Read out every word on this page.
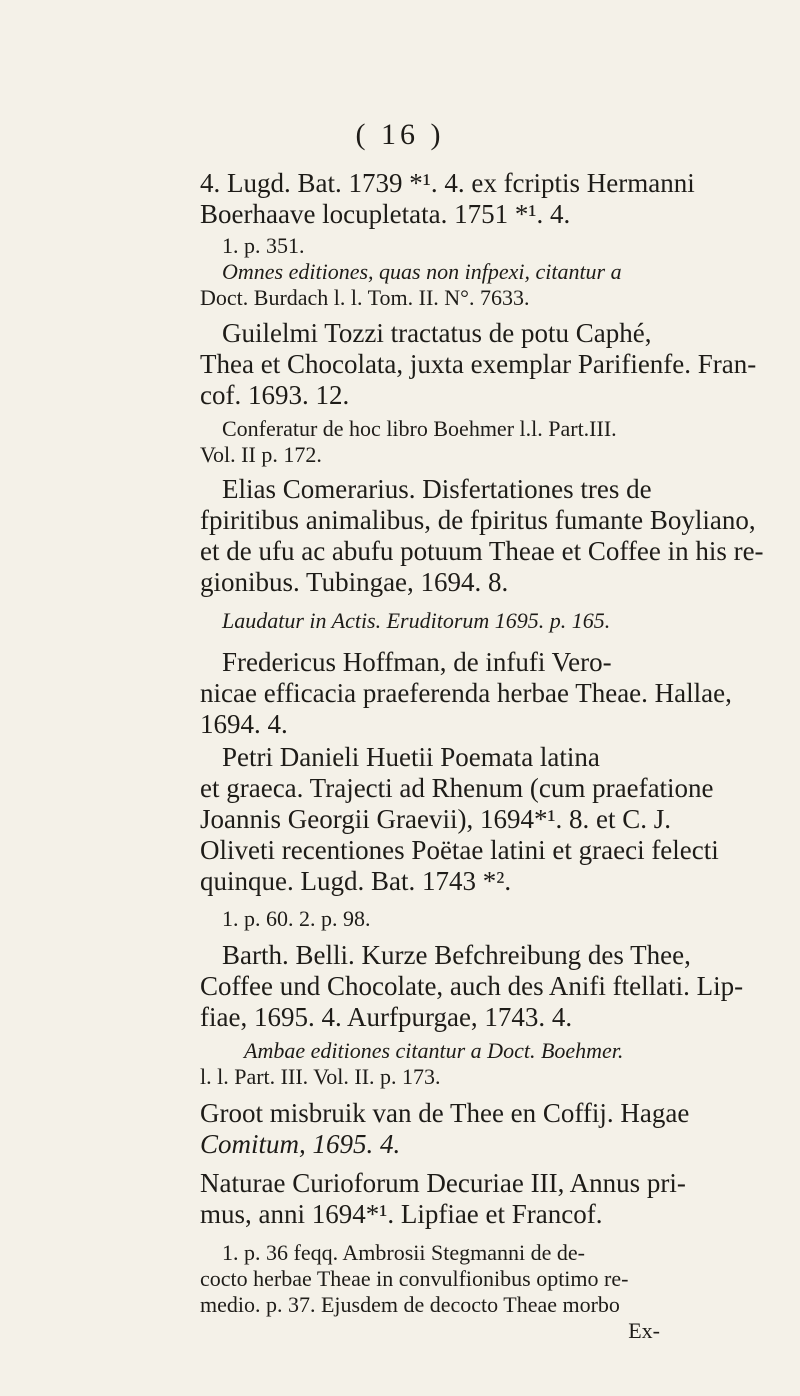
( 16 )
4. Lugd. Bat. 1739 *¹. 4. ex fcriptis Hermanni
Boerhaave locupletata. 1751 *¹. 4.
1. p. 351.
Omnes editiones, quas non infpexi, citantur a
Doct. Burdach l. l. Tom. II. N°. 7633.
Guilelmi Tozzi tractatus de potu Caphé,
Thea et Chocolata, juxta exemplar Parifienfe. Fran-
cof. 1693. 12.
Conferatur de hoc libro Boehmer l.l. Part.III.
Vol. II p. 172.
Elias Comerarius. Disfertationes tres de
fpiritibus animalibus, de fpiritus fumante Boyliano,
et de ufu ac abufu potuum Theae et Coffee in his re-
gionibus. Tubingae, 1694. 8.
Laudatur in Actis. Eruditorum 1695. p. 165.
Fredericus Hoffman, de infufi Vero-
nicae efficacia praeferenda herbae Theae. Hallae,
1694. 4.
Petri Danieli Huetii Poemata latina
et graeca. Trajecti ad Rhenum (cum praefatione
Joannis Georgii Graevii), 1694*¹. 8. et C. J.
Oliveti recentiones Poëtae latini et graeci felecti
quinque. Lugd. Bat. 1743 *².
1. p. 60. 2. p. 98.
Barth. Belli. Kurze Befchreibung des Thee,
Coffee und Chocolate, auch des Anifi ftellati. Lip-
fiae, 1695. 4. Aurfpurgae, 1743. 4.
Ambae editiones citantur a Doct. Boehmer.
l. l. Part. III. Vol. II. p. 173.
Groot misbruik van de Thee en Coffij. Hagae
Comitum, 1695. 4.
Naturae Curioforum Decuriae III, Annus pri-
mus, anni 1694*¹. Lipfiae et Francof.
1. p. 36 feqq. Ambrosii Stegmanni de de-
cocto herbae Theae in convulfionibus optimo re-
medio. p. 37. Ejusdem de decocto Theae morbo
Ex-
